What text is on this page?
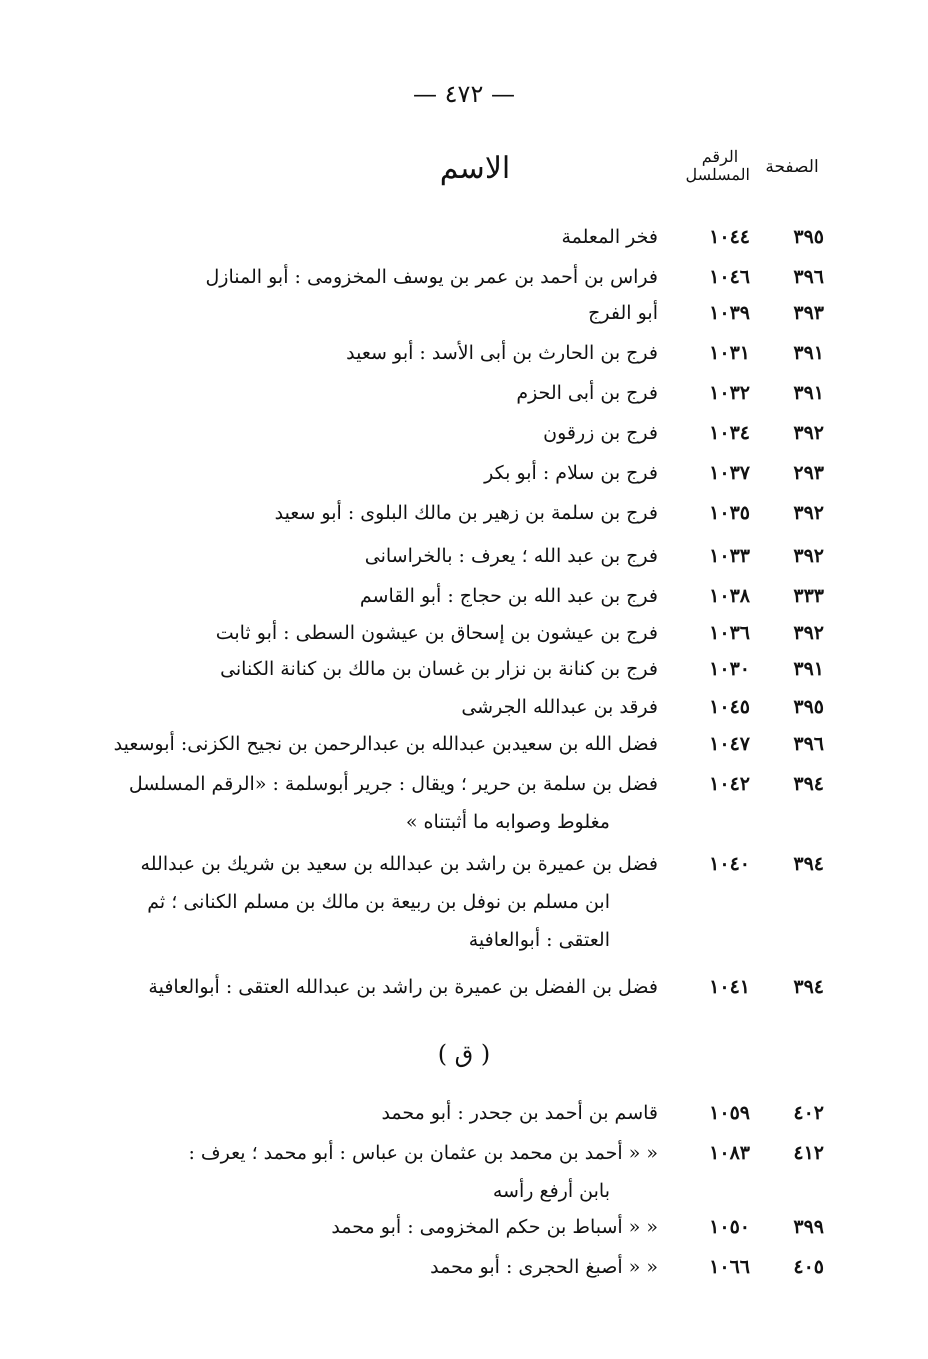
— ٤٧٢ —
الصفحة
الرقم المسلسل
الاسم
٣٩٥
١٠٤٤
فخر المعلمة
٣٩٦
١٠٤٦
فراس بن أحمد بن عمر بن يوسف المخزومى : أبو المنازل
٣٩٣
١٠٣٩
أبو الفرج
٣٩١
١٠٣١
فرج بن الحارث بن أبى الأسد : أبو سعيد
٣٩١
١٠٣٢
فرج بن أبى الحزم
٣٩٢
١٠٣٤
فرج بن زرقون
٢٩٣
١٠٣٧
فرج بن سلام : أبو بكر
٣٩٢
١٠٣٥
فرج بن سلمة بن زهير بن مالك البلوى : أبو سعيد
٣٩٢
١٠٣٣
فرج بن عبد الله ؛ يعرف : بالخراسانى
٣٣٣
١٠٣٨
فرج بن عبد الله بن حجاج : أبو القاسم
٣٩٢
١٠٣٦
فرج بن عيشون بن إسحاق بن عيشون السطى : أبو ثابت
٣٩١
١٠٣٠
فرج بن كنانة بن نزار بن غسان بن مالك بن كنانة الكنانى
٣٩٥
١٠٤٥
فرقد بن عبدالله الجرشى
٣٩٦
١٠٤٧
فضل الله بن سعيدبن عبدالله بن عبدالرحمن بن نجيح الكزنى: أبوسعيد
٣٩٤
١٠٤٢
فضل بن سلمة بن حرير ؛ ويقال : جرير أبوسلمة : «الرقم المسلسل
مغلوط وصوابه ما أثبتناه »
٣٩٤
١٠٤٠
فضل بن عميرة بن راشد بن عبدالله بن سعيد بن شريك بن عبدالله
ابن مسلم بن نوفل بن ربيعة بن مالك بن مسلم الكنانى ؛ ثم
العتقى : أبوالعافية
٣٩٤
١٠٤١
فضل بن الفضل بن عميرة بن راشد بن عبدالله العتقى : أبوالعافية
٤٠٢
١٠٥٩
قاسم بن أحمد بن جحدر : أبو محمد
٤١٢
١٠٨٣
« « أحمد بن محمد بن عثمان بن عباس : أبو محمد ؛ يعرف :
بابن أرفع رأسه
٣٩٩
١٠٥٠
« « أسباط بن حكم المخزومى : أبو محمد
٤٠٥
١٠٦٦
« « أصبغ الحجرى : أبو محمد
( ق )
